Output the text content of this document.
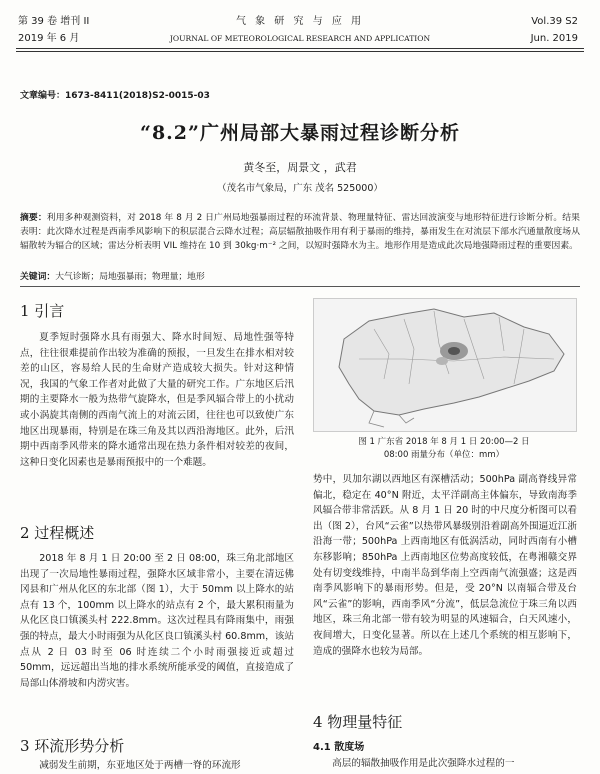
第 39 卷 增刊 II
2019 年 6 月
气 象 研 究 与 应 用
JOURNAL OF METEOROLOGICAL RESEARCH AND APPLICATION
Vol.39 S2
Jun. 2019
文章编号：1673-8411(2018)S2-0015-03
“8.2”广州局部大暴雨过程诊断分析
黄冬至，周景文 ，武君
（茂名市气象局，广东 茂名 525000）
摘要：利用多种观测资料，对 2018 年 8 月 2 日广州局地强暴雨过程的环流背景、物理量特征、雷达回波演变与地形特征进行诊断分析。结果表明：此次降水过程是西南季风影响下的积层混合云降水过程；高层辐散抽吸作用有利于暴雨的维持，暴雨发生在对流层下部水汽通量散度场从辐散转为辐合的区域；雷达分析表明 VIL 维持在 10 到 30kg·m⁻² 之间，以短时强降水为主。地形作用是造成此次局地强降雨过程的重要因素。
关键词：大气诊断；局地强暴雨；物理量；地形
1 引言

夏季短时强降水具有雨强大、降水时间短、局地性强等特点，往往很难提前作出较为准确的预报，一旦发生在排水相对较差的山区，容易给人民的生命财产造成较大损失。针对这种情况，我国的气象工作者对此做了大量的研究工作。广东地区后汛期的主要降水一般为热带气旋降水，但是季风辐合带上的小扰动或小涡旋其南侧的西南气流上的对流云团，往往也可以致使广东地区出现暴雨，特别是在珠三角及其以西沿海地区。此外，后汛期中西南季风带来的降水通常出现在热力条件相对较差的夜间，这种日变化因素也是暴雨预报中的一个难题。

2 过程概述

2018 年 8 月 1 日 20:00 至 2 日 08:00，珠三角北部地区出现了一次局地性暴雨过程，强降水区域非常小，主要在清远佛冈县和广州从化区的东北部（图 1），大于 50mm 以上降水的站点有 13 个，100mm 以上降水的站点有 2 个，最大累积雨量为从化区良口镇溪头村 222.8mm。这次过程具有降雨集中，雨强强的特点，最大小时雨强为从化区良口镇溪头村 60.8mm，该站点从 2 日 03 时至 06 时连续二个小时雨强接近或超过 50mm，远远超出当地的排水系统所能承受的阈值，直接造成了局部山体滑坡和内涝灾害。

3 环流形势分析

减弱发生前期，东亚地区处于两槽一脊的环流形

图 1 广东省 2018 年 8 月 1 日 20:00—2 日
08:00 雨量分布（单位：mm）

势中，贝加尔湖以西地区有深槽活动；500hPa 副高脊线异常偏北，稳定在 40°N 附近，太平洋副高主体偏东，导致南海季风辐合带非常活跃。从 8 月 1 日 20 时的中尺度分析图可以看出（图 2），台风“云雀”以热带风暴级别沿着副高外围逼近江浙沿海一带；500hPa 上西南地区有低涡活动，同时西南有小槽东移影响；850hPa 上西南地区位势高度较低，在粤湘赣交界处有切变线维持，中南半岛到华南上空西南气流强盛；这是西南季风影响下的暴雨形势。但是，受 20°N 以南辐合带及台风“云雀”的影响，西南季风“分流”，低层急流位于珠三角以西地区，珠三角北部一带有较为明显的风速辐合，白天风速小，夜间增大，日变化显著。所以在上述几个系统的相互影响下，造成的强降水也较为局部。

4 物理量特征
4.1 散度场

高层的辐散抽吸作用是此次强降水过程的一
